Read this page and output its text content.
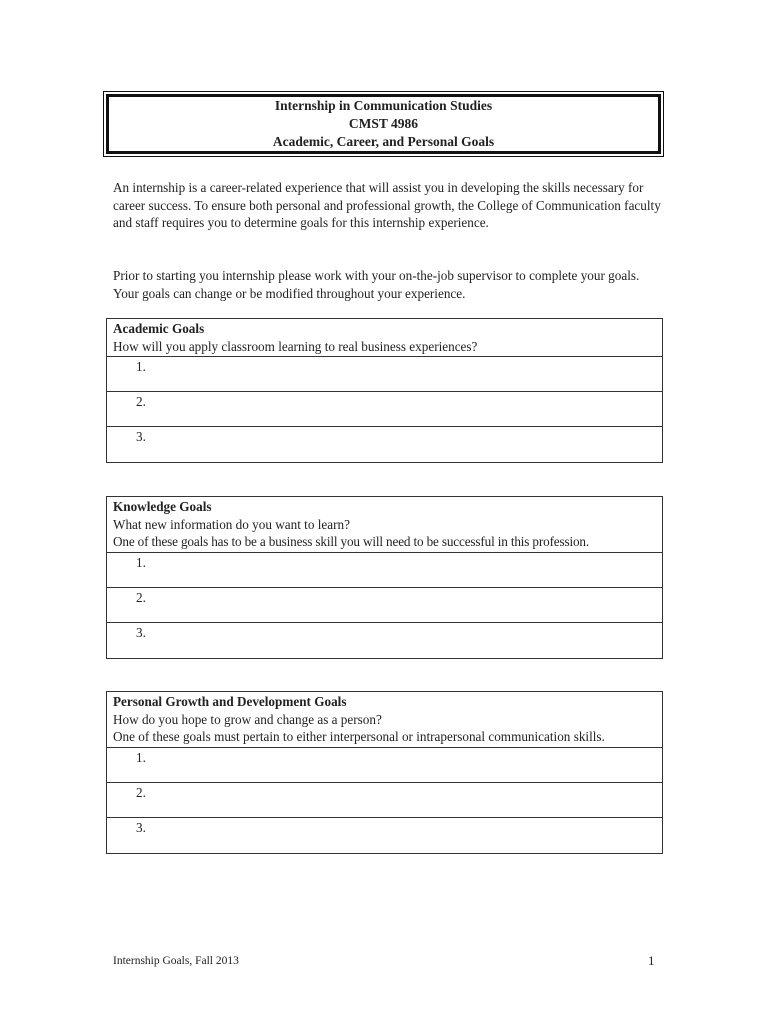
Internship in Communication Studies
CMST 4986
Academic, Career, and Personal Goals

An internship is a career-related experience that will assist you in developing the skills necessary for career success. To ensure both personal and professional growth, the College of Communication faculty and staff requires you to determine goals for this internship experience.

Prior to starting you internship please work with your on-the-job supervisor to complete your goals. Your goals can change or be modified throughout your experience.

Academic Goals
How will you apply classroom learning to real business experiences?
1.
2.
3.
Knowledge Goals
What new information do you want to learn?
One of these goals has to be a business skill you will need to be successful in this profession.
1.
2.
3.
Personal Growth and Development Goals
How do you hope to grow and change as a person?
One of these goals must pertain to either interpersonal or intrapersonal communication skills.
1.
2.
3.
Internship Goals, Fall 2013	1
